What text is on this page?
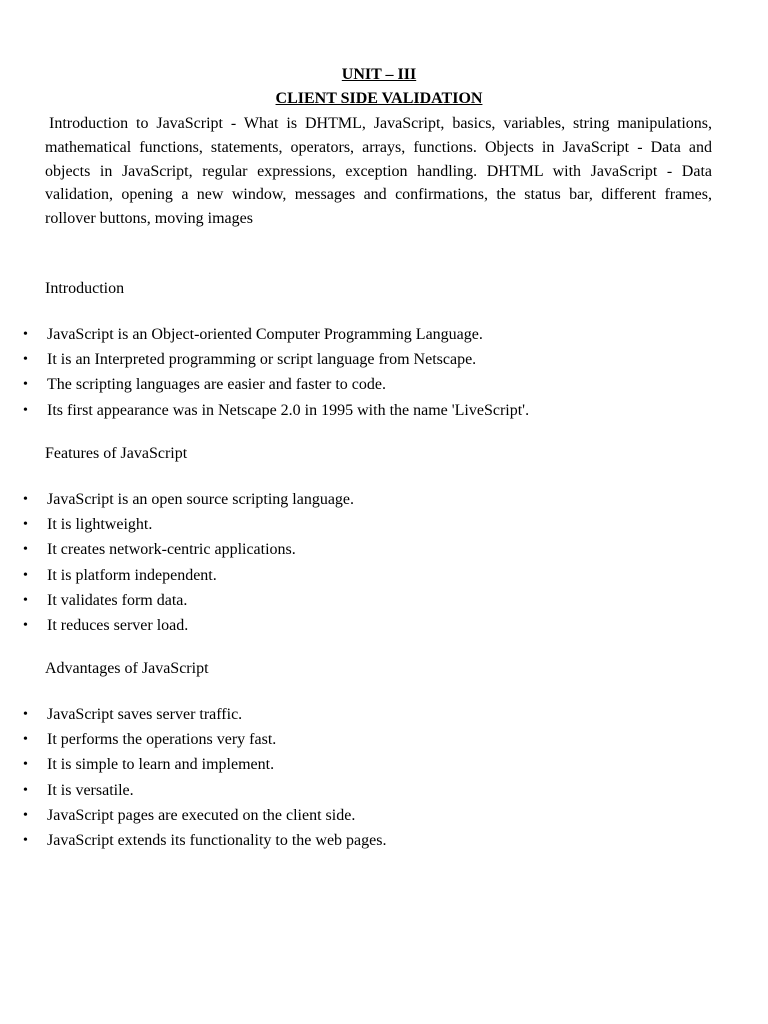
UNIT – III
CLIENT SIDE VALIDATION

Introduction to JavaScript - What is DHTML, JavaScript, basics, variables, string manipulations, mathematical functions, statements, operators, arrays, functions. Objects in JavaScript - Data and objects in JavaScript, regular expressions, exception handling. DHTML with JavaScript - Data validation, opening a new window, messages and confirmations, the status bar, different frames, rollover buttons, moving images

Introduction

• JavaScript is an Object-oriented Computer Programming Language.
• It is an Interpreted programming or script language from Netscape.
• The scripting languages are easier and faster to code.
• Its first appearance was in Netscape 2.0 in 1995 with the name 'LiveScript'.

Features of JavaScript

• JavaScript is an open source scripting language.
• It is lightweight.
• It creates network-centric applications.
• It is platform independent.
• It validates form data.
• It reduces server load.

Advantages of JavaScript

• JavaScript saves server traffic.
• It performs the operations very fast.
• It is simple to learn and implement.
• It is versatile.
• JavaScript pages are executed on the client side.
• JavaScript extends its functionality to the web pages.
